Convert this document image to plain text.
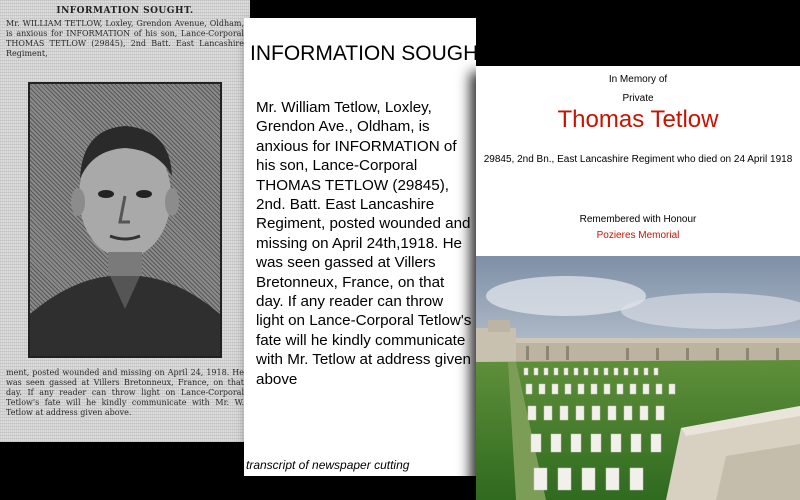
INFORMATION SOUGHT.
Mr. WILLIAM TETLOW, Loxley, Grendon Avenue, Oldham, is anxious for INFORMATION of his son, Lance-Corporal THOMAS TETLOW (29845), 2nd Batt. East Lancashire Regiment,
ment, posted wounded and missing on April 24, 1918. He was seen gassed at Villers Bretonneux, France, on that day. If any reader can throw light on Lance-Corporal Tetlow's fate will he kindly communicate with Mr. W. Tetlow at address given above.
INFORMATION SOUGHT
Mr. William Tetlow, Loxley, Grendon Ave., Oldham, is anxious for INFORMATION of his son, Lance-Corporal THOMAS TETLOW (29845), 2nd. Batt. East Lancashire Regiment, posted wounded and missing on April 24th,1918. He was seen gassed at Villers Bretonneux, France, on that day. If any reader can throw light on Lance-Corporal Tetlow's fate will he kindly communicate with Mr. Tetlow at address given above
transcript of newspaper cutting
In Memory of
Private
Thomas Tetlow
29845, 2nd Bn., East Lancashire Regiment who died on 24 April 1918
Remembered with Honour
Pozieres Memorial
